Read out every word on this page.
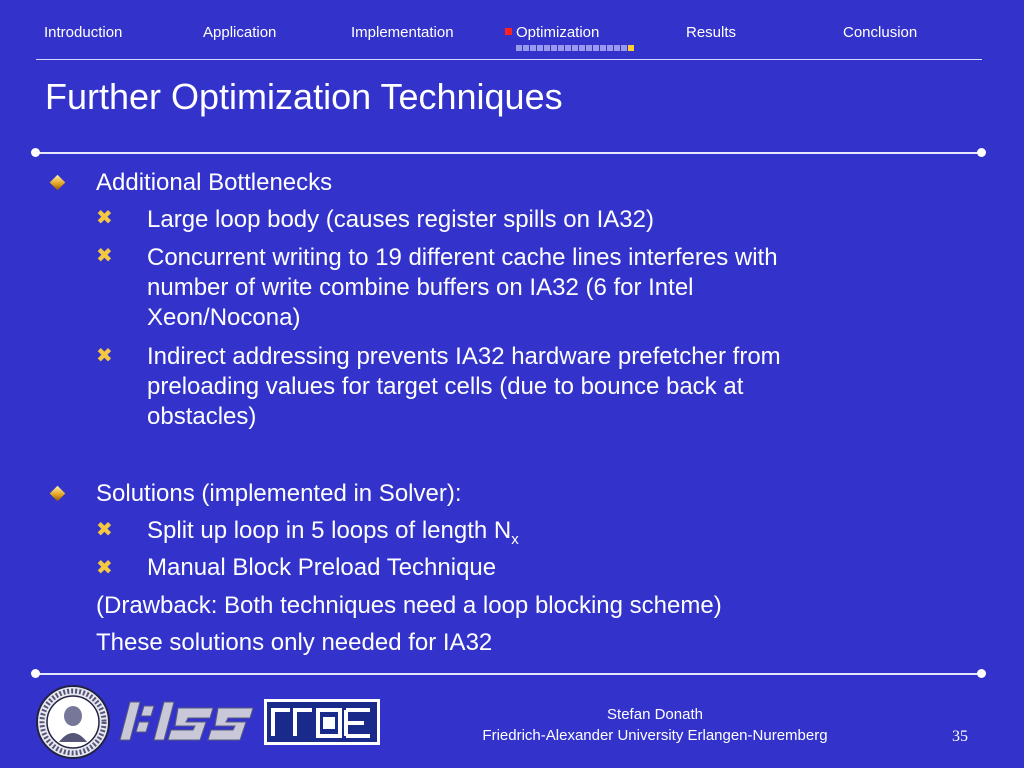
Introduction	Application	Implementation	Optimization	Results	Conclusion
Further Optimization Techniques
Additional Bottlenecks
✖ Large loop body (causes register spills on IA32)
✖ Concurrent writing to 19 different cache lines interferes with
number of write combine buffers on IA32 (6 for Intel
Xeon/Nocona)
✖ Indirect addressing prevents IA32 hardware prefetcher from
preloading values for target cells (due to bounce back at
obstacles)
Solutions (implemented in Solver):
✖ Split up loop in 5 loops of length $N_x$
✖ Manual Block Preload Technique
(Drawback: Both techniques need a loop blocking scheme)
These solutions only needed for IA32
Stefan Donath
Friedrich-Alexander University Erlangen-Nuremberg	35
